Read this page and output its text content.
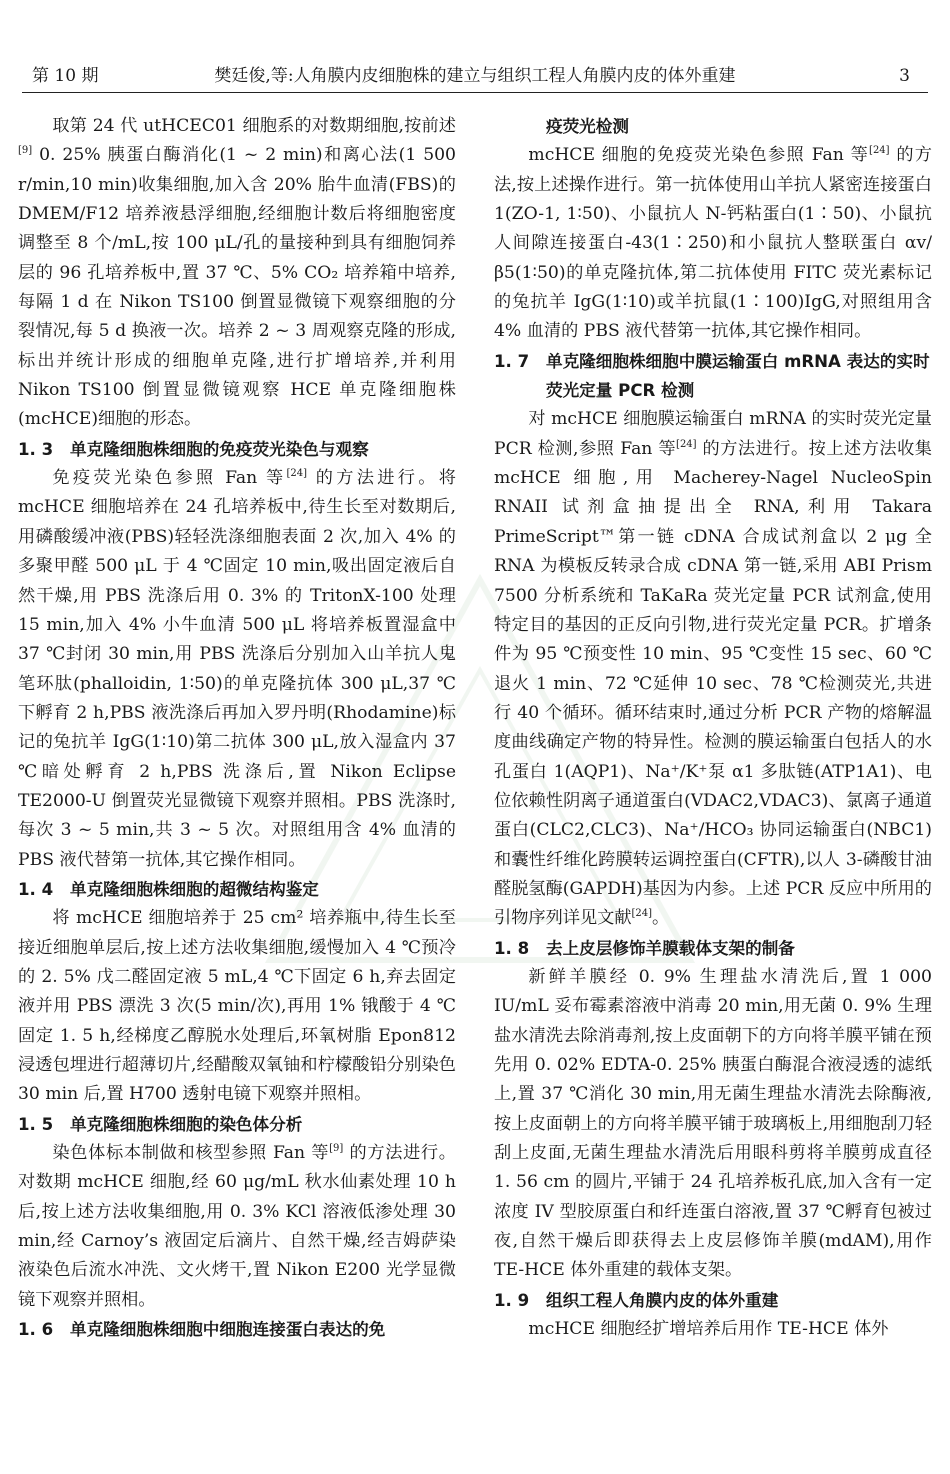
第 10 期	樊廷俊,等:人角膜内皮细胞株的建立与组织工程人角膜内皮的体外重建	3

取第 24 代 utHCEC01 细胞系的对数期细胞,按前述[9] 0. 25% 胰蛋白酶消化(1 ~ 2 min)和离心法(1 500 r/min,10 min)收集细胞,加入含 20% 胎牛血清(FBS)的 DMEM/F12 培养液悬浮细胞,经细胞计数后将细胞密度调整至 8 个/mL,按 100 μL/孔的量接种到具有细胞饲养层的 96 孔培养板中,置 37 ℃、5% CO₂ 培养箱中培养,每隔 1 d 在 Nikon TS100 倒置显微镜下观察细胞的分裂情况,每 5 d 换液一次。培养 2 ~ 3 周观察克隆的形成,标出并统计形成的细胞单克隆,进行扩增培养,并利用 Nikon TS100 倒置显微镜观察 HCE 单克隆细胞株(mcHCE)细胞的形态。

1. 3 单克隆细胞株细胞的免疫荧光染色与观察

免疫荧光染色参照 Fan 等[24] 的方法进行。将 mcHCE 细胞培养在 24 孔培养板中,待生长至对数期后,用磷酸缓冲液(PBS)轻轻洗涤细胞表面 2 次,加入 4% 的多聚甲醛 500 μL 于 4 ℃固定 10 min,吸出固定液后自然干燥,用 PBS 洗涤后用 0. 3% 的 TritonX-100 处理 15 min,加入 4% 小牛血清 500 μL 将培养板置湿盒中 37 ℃封闭 30 min,用 PBS 洗涤后分别加入山羊抗人鬼笔环肽(phalloidin, 1∶50)的单克隆抗体 300 μL,37 ℃下孵育 2 h,PBS 液洗涤后再加入罗丹明(Rhodamine)标记的兔抗羊 IgG(1∶10)第二抗体 300 μL,放入湿盒内 37 ℃暗处孵育 2 h,PBS 洗涤后,置 Nikon Eclipse TE2000-U 倒置荧光显微镜下观察并照相。PBS 洗涤时,每次 3 ~ 5 min,共 3 ~ 5 次。对照组用含 4% 血清的 PBS 液代替第一抗体,其它操作相同。

1. 4 单克隆细胞株细胞的超微结构鉴定

将 mcHCE 细胞培养于 25 cm² 培养瓶中,待生长至接近细胞单层后,按上述方法收集细胞,缓慢加入 4 ℃预冷的 2. 5% 戊二醛固定液 5 mL,4 ℃下固定 6 h,弃去固定液并用 PBS 漂洗 3 次(5 min/次),再用 1% 锇酸于 4 ℃固定 1. 5 h,经梯度乙醇脱水处理后,环氧树脂 Epon812 浸透包埋进行超薄切片,经醋酸双氧铀和柠檬酸铅分别染色 30 min 后,置 H700 透射电镜下观察并照相。

1. 5 单克隆细胞株细胞的染色体分析

染色体标本制做和核型参照 Fan 等[9] 的方法进行。对数期 mcHCE 细胞,经 60 μg/mL 秋水仙素处理 10 h 后,按上述方法收集细胞,用 0. 3% KCl 溶液低渗处理 30 min,经 Carnoy’s 液固定后滴片、自然干燥,经吉姆萨染液染色后流水冲洗、文火烤干,置 Nikon E200 光学显微镜下观察并照相。

1. 6 单克隆细胞株细胞中细胞连接蛋白表达的免

疫荧光检测

mcHCE 细胞的免疫荧光染色参照 Fan 等[24] 的方法,按上述操作进行。第一抗体使用山羊抗人紧密连接蛋白 1(ZO-1, 1∶50)、小鼠抗人 N-钙粘蛋白(1∶50)、小鼠抗人间隙连接蛋白-43(1∶250)和小鼠抗人整联蛋白 αv/β5(1∶50)的单克隆抗体,第二抗体使用 FITC 荧光素标记的兔抗羊 IgG(1∶10)或羊抗鼠(1∶100)IgG,对照组用含 4% 血清的 PBS 液代替第一抗体,其它操作相同。

1. 7 单克隆细胞株细胞中膜运输蛋白 mRNA 表达的实时荧光定量 PCR 检测

对 mcHCE 细胞膜运输蛋白 mRNA 的实时荧光定量 PCR 检测,参照 Fan 等[24] 的方法进行。按上述方法收集 mcHCE 细胞,用 Macherey-Nagel NucleoSpin RNAII 试剂盒抽提出全 RNA,利用 Takara PrimeScript™第一链 cDNA 合成试剂盒以 2 μg 全 RNA 为模板反转录合成 cDNA 第一链,采用 ABI Prism 7500 分析系统和 TaKaRa 荧光定量 PCR 试剂盒,使用特定目的基因的正反向引物,进行荧光定量 PCR。扩增条件为 95 ℃预变性 10 min、95 ℃变性 15 sec、60 ℃退火 1 min、72 ℃延伸 10 sec、78 ℃检测荧光,共进行 40 个循环。循环结束时,通过分析 PCR 产物的熔解温度曲线确定产物的特异性。检测的膜运输蛋白包括人的水孔蛋白 1(AQP1)、Na⁺/K⁺泵 α1 多肽链(ATP1A1)、电位依赖性阴离子通道蛋白(VDAC2,VDAC3)、氯离子通道蛋白(CLC2,CLC3)、Na⁺/HCO₃ 协同运输蛋白(NBC1)和囊性纤维化跨膜转运调控蛋白(CFTR),以人 3-磷酸甘油醛脱氢酶(GAPDH)基因为内参。上述 PCR 反应中所用的引物序列详见文献[24]。

1. 8 去上皮层修饰羊膜载体支架的制备

新鲜羊膜经 0. 9% 生理盐水清洗后,置 1 000 IU/mL 妥布霉素溶液中消毒 20 min,用无菌 0. 9% 生理盐水清洗去除消毒剂,按上皮面朝下的方向将羊膜平铺在预先用 0. 02% EDTA-0. 25% 胰蛋白酶混合液浸透的滤纸上,置 37 ℃消化 30 min,用无菌生理盐水清洗去除酶液,按上皮面朝上的方向将羊膜平铺于玻璃板上,用细胞刮刀轻刮上皮面,无菌生理盐水清洗后用眼科剪将羊膜剪成直径 1. 56 cm 的圆片,平铺于 24 孔培养板孔底,加入含有一定浓度 IV 型胶原蛋白和纤连蛋白溶液,置 37 ℃孵育包被过夜,自然干燥后即获得去上皮层修饰羊膜(mdAM),用作 TE-HCE 体外重建的载体支架。

1. 9 组织工程人角膜内皮的体外重建

mcHCE 细胞经扩增培养后用作 TE-HCE 体外
